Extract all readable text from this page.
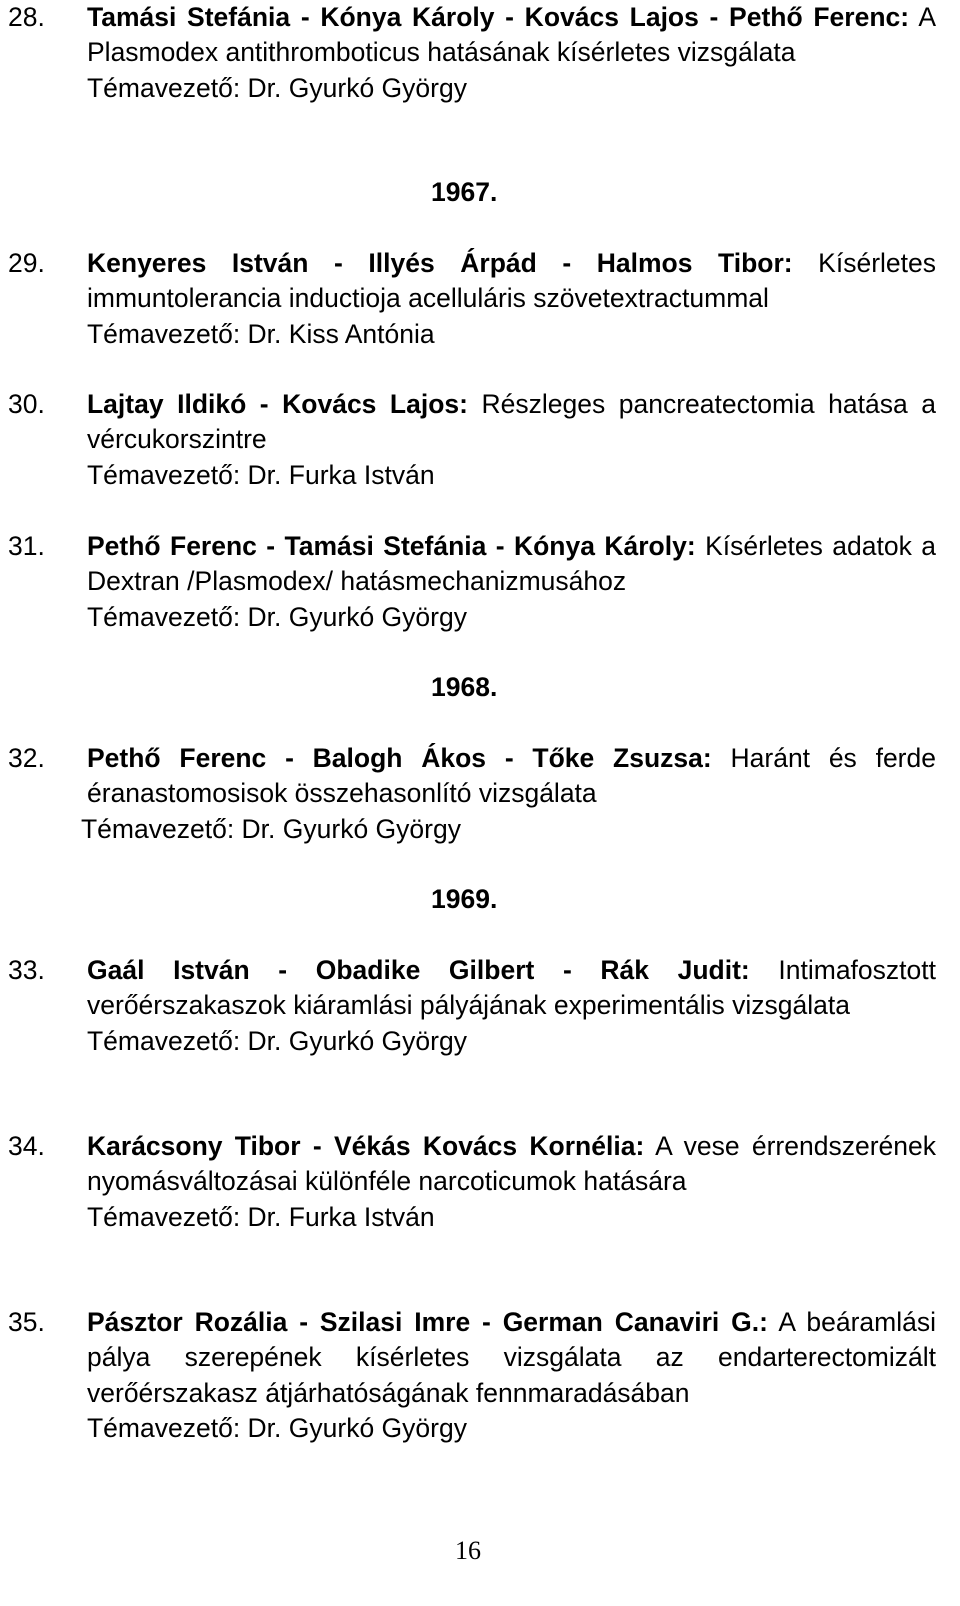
28.	Tamási Stefánia - Kónya Károly - Kovács Lajos - Pethő Ferenc: A Plasmodex antithromboticus hatásának kísérletes vizsgálata
Témavezető: Dr. Gyurkó György
1967.
29.	Kenyeres István - Illyés Árpád - Halmos Tibor: Kísérletes immuntolerancia inductioja acelluláris szövetextractummal
Témavezető: Dr. Kiss Antónia
30.	Lajtay Ildikó - Kovács Lajos: Részleges pancreatectomia hatása a vércukorszintre
Témavezető: Dr. Furka István
31.	Pethő Ferenc - Tamási Stefánia - Kónya Károly: Kísérletes adatok a Dextran /Plasmodex/ hatásmechanizmusához
Témavezető: Dr. Gyurkó György
1968.
32.	Pethő Ferenc - Balogh Ákos - Tőke Zsuzsa: Haránt és ferde éranastomosisok összehasonlító vizsgálata
Témavezető: Dr. Gyurkó György
1969.
33.	Gaál István - Obadike Gilbert - Rák Judit: Intimafosztott verőérszakaszok kiáramlási pályájának experimentális vizsgálata
Témavezető: Dr. Gyurkó György
34.	Karácsony Tibor - Vékás Kovács Kornélia: A vese érrendszerének nyomásváltozásai különféle narcoticumok hatására
Témavezető: Dr. Furka István
35.	Pásztor Rozália - Szilasi Imre - German Canaviri G.: A beáramlási pálya szerepének kísérletes vizsgálata az endarterectomizált verőérszakasz átjárhatóságának fennmaradásában
Témavezető: Dr. Gyurkó György
16
